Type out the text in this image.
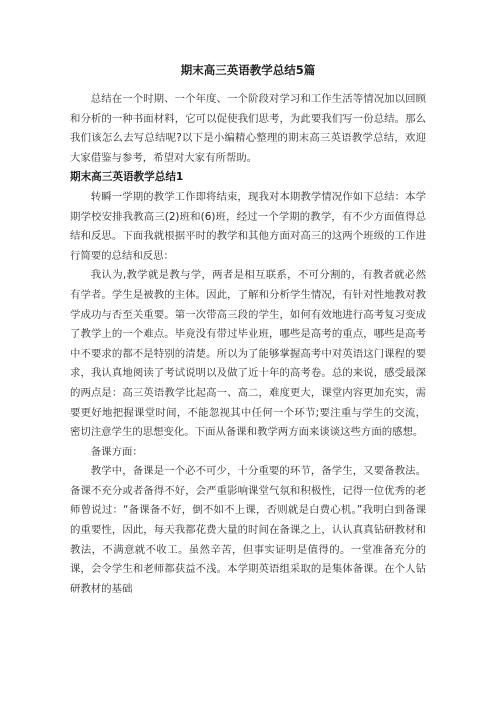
期末高三英语教学总结5篇

总结在一个时期、一个年度、一个阶段对学习和工作生活等情况加以回顾和分析的一种书面材料，它可以促使我们思考，为此要我们写一份总结。那么我们该怎么去写总结呢?以下是小编精心整理的期末高三英语教学总结，欢迎大家借鉴与参考，希望对大家有所帮助。

期末高三英语教学总结1

转瞬一学期的教学工作即将结束，现我对本期教学情况作如下总结：本学期学校安排我教高三(2)班和(6)班，经过一个学期的教学，有不少方面值得总结和反思。下面我就根据平时的教学和其他方面对高三的这两个班级的工作进行简要的总结和反思：

我认为,教学就是教与学，两者是相互联系，不可分割的，有教者就必然有学者。学生是被教的主体。因此，了解和分析学生情况，有针对性地教对教学成功与否至关重要。第一次带高三段的学生，如何有效地进行高考复习变成了教学上的一个难点。毕竟没有带过毕业班，哪些是高考的重点，哪些是高考中不要求的都不是特别的清楚。所以为了能够掌握高考中对英语这门课程的要求，我认真地阅读了考试说明以及做了近十年的高考卷。总的来说，感受最深的两点是：高三英语教学比起高一、高二，难度更大，课堂内容更加充实，需要更好地把握课堂时间，不能忽视其中任何一个环节;要注重与学生的交流，密切注意学生的思想变化。下面从备课和教学两方面来谈谈这些方面的感想。

备课方面：

教学中，备课是一个必不可少，十分重要的环节，备学生，又要备教法。备课不充分或者备得不好，会严重影响课堂气氛和积极性，记得一位优秀的老师曾说过：“备课备不好，倒不如不上课，否则就是白费心机。”我明白到备课的重要性，因此，每天我都花费大量的时间在备课之上，认认真真钻研教材和教法，不满意就不收工。虽然辛苦，但事实证明是值得的。一堂准备充分的课，会令学生和老师都获益不浅。本学期英语组采取的是集体备课。在个人钻研教材的基础
